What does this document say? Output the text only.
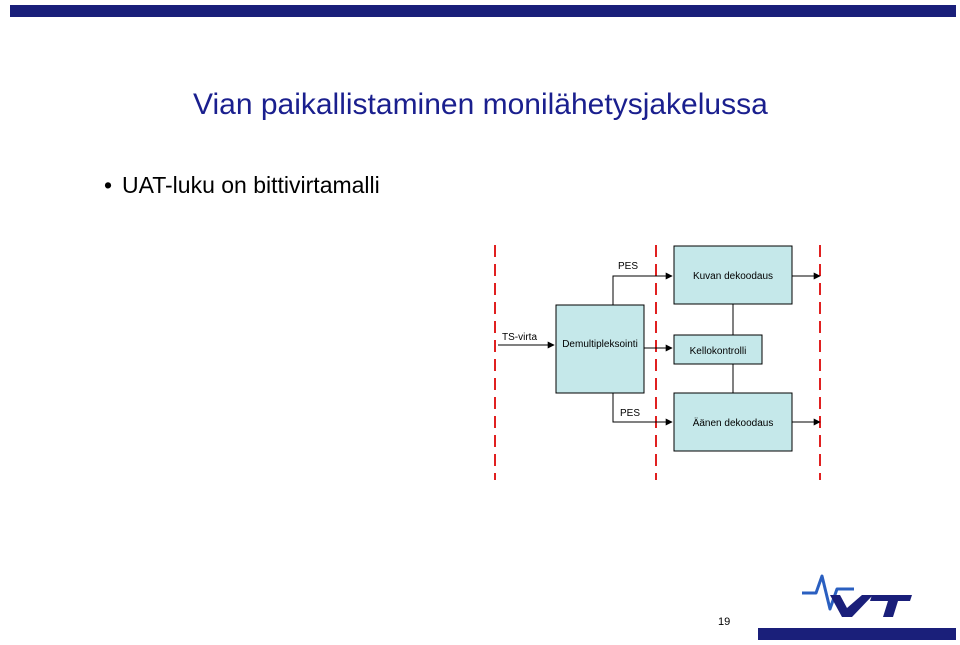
Vian paikallistaminen monilähetysjakelussa
• UAT-luku on bittivirtamalli
Kuvan dekoodaus
Demultipleksointi
Kellokontrolli
Äänen dekoodaus
PES
TS-virta
PES
19
